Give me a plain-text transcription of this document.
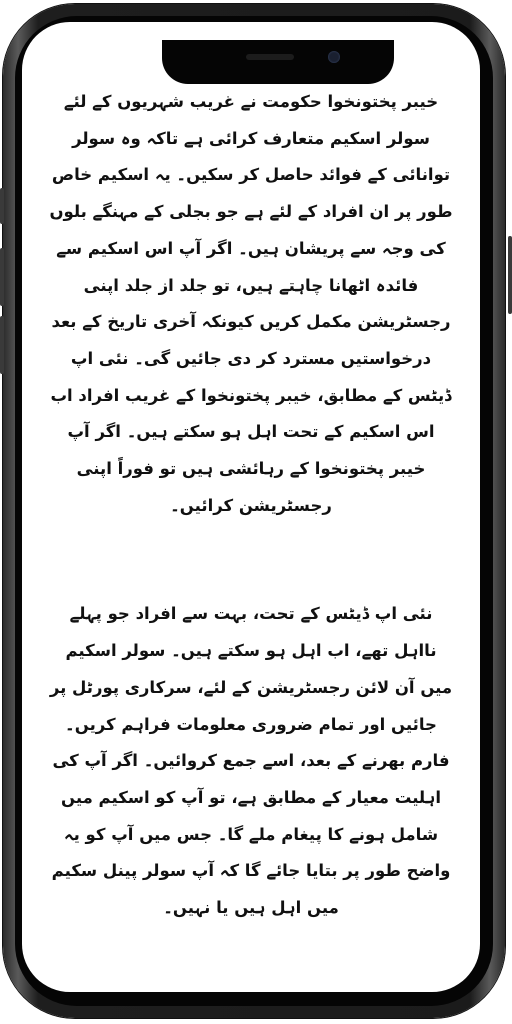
خیبر پختونخوا حکومت نے غریب شہریوں کے لئے سولر اسکیم متعارف کرائی ہے تاکہ وہ سولر توانائی کے فوائد حاصل کر سکیں۔ یہ اسکیم خاص طور پر ان افراد کے لئے ہے جو بجلی کے مہنگے بلوں کی وجہ سے پریشان ہیں۔ اگر آپ اس اسکیم سے فائدہ اٹھانا چاہتے ہیں، تو جلد از جلد اپنی رجسٹریشن مکمل کریں کیونکہ آخری تاریخ کے بعد درخواستیں مسترد کر دی جائیں گی۔ نئی اپ ڈیٹس کے مطابق، خیبر پختونخوا کے غریب افراد اب اس اسکیم کے تحت اہل ہو سکتے ہیں۔ اگر آپ خیبر پختونخوا کے رہائشی ہیں تو فوراً اپنی رجسٹریشن کرائیں۔

نئی اپ ڈیٹس کے تحت، بہت سے افراد جو پہلے نااہل تھے، اب اہل ہو سکتے ہیں۔ سولر اسکیم میں آن لائن رجسٹریشن کے لئے، سرکاری پورٹل پر جائیں اور تمام ضروری معلومات فراہم کریں۔ فارم بھرنے کے بعد، اسے جمع کروائیں۔ اگر آپ کی اہلیت معیار کے مطابق ہے، تو آپ کو اسکیم میں شامل ہونے کا پیغام ملے گا۔ جس میں آپ کو یہ واضح طور پر بتایا جائے گا کہ آپ سولر پینل سکیم میں اہل ہیں یا نہیں۔
